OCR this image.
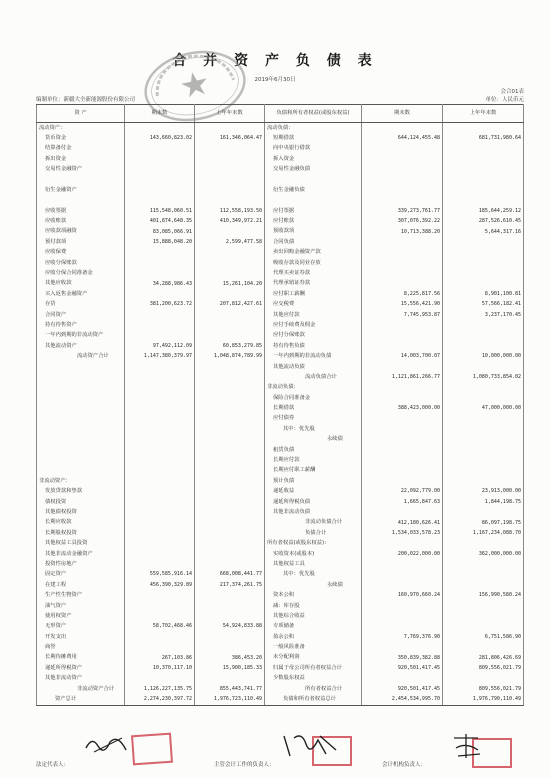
合 并 资 产 负 债 表
2019年6月30日
会合01表
编制单位：新疆大全新能源股份有限公司	单位：人民币元
资 产	期末数	上年年末数	负债和所有者权益(或股东权益)	期末数	上年年末数
流动资产：			流动负债：		
货币资金	143,660,823.02	161,346,064.47	短期借款	644,124,455.48	681,731,980.64
结算备付金			向中央银行借款		
拆出资金			拆入资金		
交易性金融资产			交易性金融负债		

衍生金融资产			衍生金融负债		

应收票据	115,548,060.51	112,558,193.50	应付票据	339,273,761.77	185,644,259.12
应收账款	401,874,648.35	410,349,972.21	应付账款	307,076,392.22	287,526,610.45
应收款项融资	83,085,066.91		预收款项	10,713,388.20	5,644,317.16
预付款项	15,888,048.20	2,599,477.58	合同负债		
应收保费			卖出回购金融资产款		
应收分保账款			吸收存款及同业存放		
应收分保合同准备金			代理买卖证券款		
其他应收款	34,288,986.43	15,261,104.20	代理承销证券款		
买入返售金融资产			应付职工薪酬	8,225,817.56	8,901,100.81
存货	381,200,623.72	207,812,427.61	应交税费	15,556,421.90	57,566,182.41
合同资产			其他应付款	7,745,953.87	3,237,170.45
持有待售资产			应付手续费及佣金		
一年内到期的非流动资产			应付分保账款		
其他流动资产	97,492,112.09	60,853,279.85	持有待售负债		
流动资产合计	1,147,380,379.97	1,048,874,789.99	一年内到期的非流动负债	14,003,700.07	10,000,000.00
			其他流动负债		
			流动负债合计	1,121,861,266.77	1,080,733,854.02
			非流动负债：		
			保险合同准备金		
			长期借款	388,423,000.00	47,000,000.00
			应付债券		
			其中：优先股		
			永续债		
			租赁负债		
			长期应付款		
			长期应付职工薪酬		
非流动资产：			预计负债		
发放贷款和垫款			递延收益	22,092,779.00	23,913,000.00
债权投资			递延所得税负债	1,665,847.63	1,844,198.75
其他债权投资			其他非流动负债		
长期应收款			非流动负债合计	412,180,626.41	86,097,198.75
长期股权投资			负债合计	1,534,033,578.23	1,167,234,088.70
其他权益工具投资			所有者权益(或股东权益)：		
其他非流动金融资产			实收资本(或股本)	200,022,000.00	362,000,000.00
投资性房地产			其他权益工具		
固定资产	559,585,916.14	668,008,441.77	其中：优先股		
在建工程	456,390,329.89	217,374,261.75	永续债		
生产性生物资产			资本公积	160,970,660.24	156,990,580.24
油气资产			减：库存股		
使用权资产			其他综合收益		
无形资产	58,702,468.46	54,924,833.88	专项储备		
开发支出			盈余公积	7,769,376.90	6,751,586.90
商誉			一般风险准备		
长期待摊费用	267,103.86	386,453.20	未分配利润	350,839,382.88	281,806,426.69
递延所得税资产	10,370,117.10	15,900,185.33	归属于母公司所有者权益合计	920,501,417.45	809,556,021.79
其他非流动资产			少数股东权益		
非流动资产合计	1,126,227,135.75	855,443,741.77	所有者权益合计	920,501,417.45	809,556,021.79
资产总计	2,274,230,397.72	1,976,723,110.49	负债和所有者权益总计	2,454,534,995.70	1,976,790,110.49
法定代表人：	主管会计工作的负责人：	会计机构负责人：
